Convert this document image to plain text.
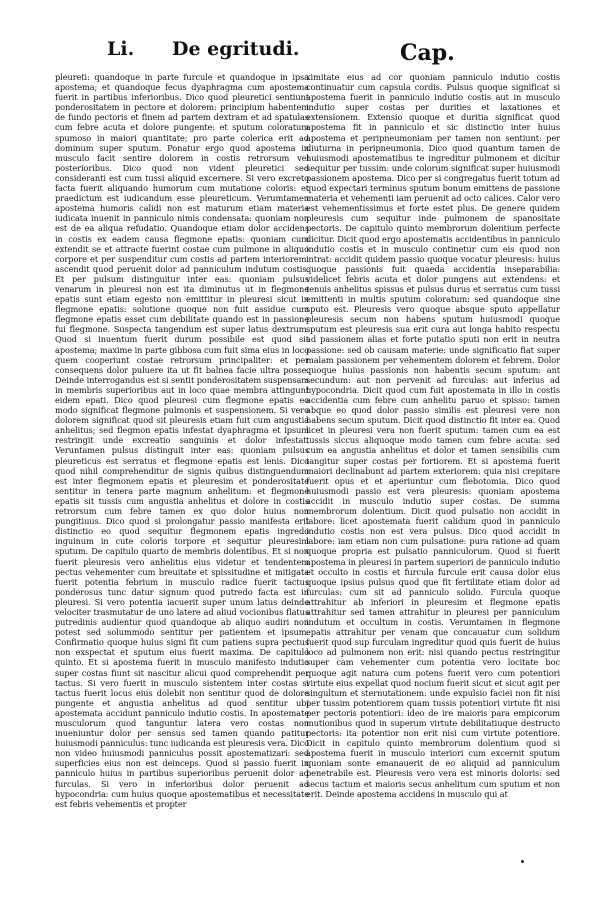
Li. De egritudi.	Cap.

pleureti: quandoque in parte furcule et quandoque in ipsa apostema; et quandoque fecus dyaphragma cum apostema fuerit in partibus inferioribus. Dico quod pleuretici sentiunt ponderositatem in pectore et dolorem: principium habentem de fundo pectoris et finem ad partem dextram et ad spatulas cum febre acuta et dolore pungente: et sputum coloratum spumoso in maiori quantitate; pro parte colerica erit ad dominum super sputum. Ponatur ergo quod apostema in musculo facit sentire dolorem in costis retrorsum vel posterioribus. Dico quod non vident pleuretici sed consideranti est cum tussi aliquid excernere. Si vero excreto facta fuerit aliquando humorum cum mutatione coloris: et praedictum est iudicandum esse pleureticum. Verumtamen apostema humoris calidi non est maturum etiam materia iudicata inuenit in panniculo nimis condensata: quoniam non est de ea aliqua refudatio. Quandoque etiam dolor accidens in costis ex eadem causa flegmone epatis: quoniam cum extendit se et attracte fuerint costae cum pulmone in aliquo corpore et per suspenditur cum costis ad partem interiorem: ascendit quod peruenit dolor ad panniculum indutum costis. Et per pulsum distinguitur inter eas: quoniam pulsus venarum in pleuresi non est ita diminutus ut in flegmone epatis sunt etiam egesto non emittitur in pleuresi sicut in flegmone epatis: solutione quoque non fuit assidue cum flegmone epatis esset cum debilitate quando est in passione fui flegmone. Suspecta tangendum est super latus dextrum. Quod si inuentum fuerit durum possibile est quod sit apostema; maxime in parte gibbosa cum fuit sima eius in loco quem cooperiunt costae retrorsum principaliter: et per consequens dolor puluere ita ut fit balnea facie ultra posse. Deinde interrogandus est si sentit ponderositatem suspensam in membris superioribus aut in loco quae membra attingunt eidem epati. Dico quod pleuresi cum flegmone epatis eo modo significat flegmone pulmonis et suspensionem. Si vero dolorem significat quod sit pleuresis etiam fuit cum angustia anhelitus; sed flegmon epatis infestat dyaphragma et ipsum restringit unde excreatio sanguinis et dolor infestat. Veruntamen pulsus distinguit inter eas: quoniam pulsus pleureticus est serratus et flegmone epatis est lenis. Dico quod nihil comprehenditur de signis quibus distinguendum est inter flegmonem epatis et pleuresim et ponderositate sentitur in tenera parte magnum anhelitum: et flegmone epatis sit tussis cum angustia anhelitus et dolore in costis retrorsum cum febre tamen ex quo dolor huius non pungitiuus. Dico quod si prolongatur passio manifesta erit distinctio eo quod sequitur flegmonem epatis ingredo inguinum in cute coloris torpore et sequitur pleuresim sputum. De capitulo quarto de membris dolentibus. Et si non fuerit pleuresis vero anhelitus eius videtur et tendentem pectus vehementer cum breuitate et spissitudine et mitigata fuerit potentia febrium in musculo radice fuerit tactus ponderosus tunc datur signum quod putredo facta est in pleuresi. Si vero potentia iacuerit super unum latus deinde velociter trasmutatur de uno latere ad aliud vocionibus flatus putredinis audientur quod quandoque ab aliquo audiri non potest sed solummodo sentitur per patientem et ipsum. Confirmatio quoque huius signi fit cum patiens supra pectus non exspectat et sputum eius fuerit maxima. De capitulo quinto. Et si apostema fuerit in musculo manifesto indutio super costas fiunt sit nascitur alicui quod comprehendit per tactus. Si vero fuerit in musculo sistentem inter costas si tactus fuerit locus eius dolebit non sentitur quod de dolore pungente et angustia anhelitus ad quod sentitur ubi apostemata accidunt panniculo indutio costis. In apostemate musculorum quod tanguntur latera vero costas non inueniuntur dolor per sensus sed tamen quando patitur huiusmodi panniculus: tunc iudicanda est pleuresis vera. Dico non video huiusmodi panniculus possit apostematizari: sed superficies eius non est deinceps. Quod si passio fuerit in panniculo huius in partibus superioribus peruenit dolor ad furculas. Si vero in inferioribus dolor peruenit ad hypocondria: cum huius quoque apostematibus et necessitate est febris vehementis et propter

ximitate eius ad cor quoniam panniculo indutio costis continuatur cum capsula cordis. Pulsus quoque significat si apostema fuerit in panniculo indutio costis aut in musculo indutio super costas per durities et laxationes et extensionem. Extensio quoque et duritia significat quod apostema fit in panniculo et sic distinctio inter huius apostema et peripneumoniam per tamen non sentiunt: per diuturna in peripneumonia. Dico quod quantum tamen de huiusmodi apostematibus te ingreditur pulmonem et dicitur sequitur per tussim: unde colorum significat super huiusmodi passionem apostema. Dico per si congregatus fuerit totum ad quod expectari terminus sputum bonum emittens de passione materia et vehementi iam peruenit ad octo calices. Calor vero est vehementissimus et forte estet plus. De genere quidem pleuresis cum sequitur inde pulmonem de spanositate pectoris. De capitulo quinto membrorum dolentium perfecte dicitur. Dicit quod ergo apostematis accidentibus in panniculo indutio costis et in musculo continetur cum eis quod non intrat: accidit quidem passio quoque vocatur pleuresis: huius quoque passionis fuit quaeda accidentia inseparabilia: videlicet febris acuta et dolor pungens aut extendens: et tenuis anhelitus spissus et pulsus durus et serratus cum tussi emittenti in multis sputum coloratum: sed quandoque sine sputo est. Pleuresis vero quoque absque sputo appellatur pleuresis secum non habens sputum huiusmodi quoque sputum est pleuresis sua erit cura aut longa habito respectu ad passionem alias et forte putatio sputi non erit in neutra passione: sed ob causam materie: unde significatio fiat super malam passionem per vehementem dolorem et febrem. Dolor quoque huius passionis non habentis secum sputum: ant secundum: aut non pervenit ad furculas: aut inferius ad hypocondria. Dicit quod cum fuit apostemata in illo in costis accidentia cum febre cum anhelitu paruo et spisso: tamen abque eo quod dolor passio similis est pleuresi vere non habens secum sputum. Dicit quod distinctio fit inter ea. Quod licet in pleuresi vera non fuerit sputum: tamen cum ea est tussis siccus aliquoque modo tamen cum febre acuta: sed cum ea angustia anhelitus et dolor et tamen sensibilis cum tangitur super costas per fortiorem. Et si apostema fuerit maiori declinabunt ad partem exteriorem: quia nisi crepitare fuerit opus et et aperiuntur cum flebotomia. Dico quod huiusmodi passio est vera pleuresis: quoniam apostema accidit in musculo indutio super costas. De summa membrorum dolentium. Dicit quod pulsatio non accidit in labore: licet apostemata fuerit calidum quod in panniculo indutio costis non est vera pulsus. Dico quod accidit in labore: iam etiam non cum pulsatione: pura ratione ad quam quoque propria est pulsatio panniculorum. Quod si fuerit apostema in pleuresi in partem superiori de panniculo indutio et occulto in costis et furcula furcule erit causa dolor eius quoque ipsius pulsus quod que fit fertilitate etiam dolor ad furculas: cum sit ad panniculo solido. Furcula quoque attrahitur ab inferiori in pleuresim et flegmone epatis attrahitur sed tamen attrahitur in pleuresi per panniculum indutum et occultum in costis. Verumtamen in flegmone epatis attrahitur per venam que concauatur cum solidum fuerit quod sup furculam ingreditur quod quis fuerit de huius loco ad pulmonem non erit: nisi quando pectus restringitur super cam vehementer cum potentia vero locitate boc quoque agit natura cum potens fuerit vero cum potentiori virtute eius expellat quod nocium fuerit sicut et sicut agit per singultum et sternutationem: unde expulsio faciei non fit nisi per tussim potentiorem quam tussis potentiori virtute fit nisi per pectoris potentiori: ideo de ire maioris para empicorum mutionibus quod in superum virtute debilitatiuque destructo pectoris: ita potentior non erit nisi cum virtute potentiore. Dicit in capitulo quinto membrorum dolentium quod si apostema fuerit in musculo interiori cum excernit sputum quoniam sonte emanauerit de eo aliquid ad panniculum penetrabile est. Pleuresis vero vera est minoris doloris: sed secus tactum et maioris secus anhelitum cum sputum et non erit. Deinde apostema accidens in musculo qui at
